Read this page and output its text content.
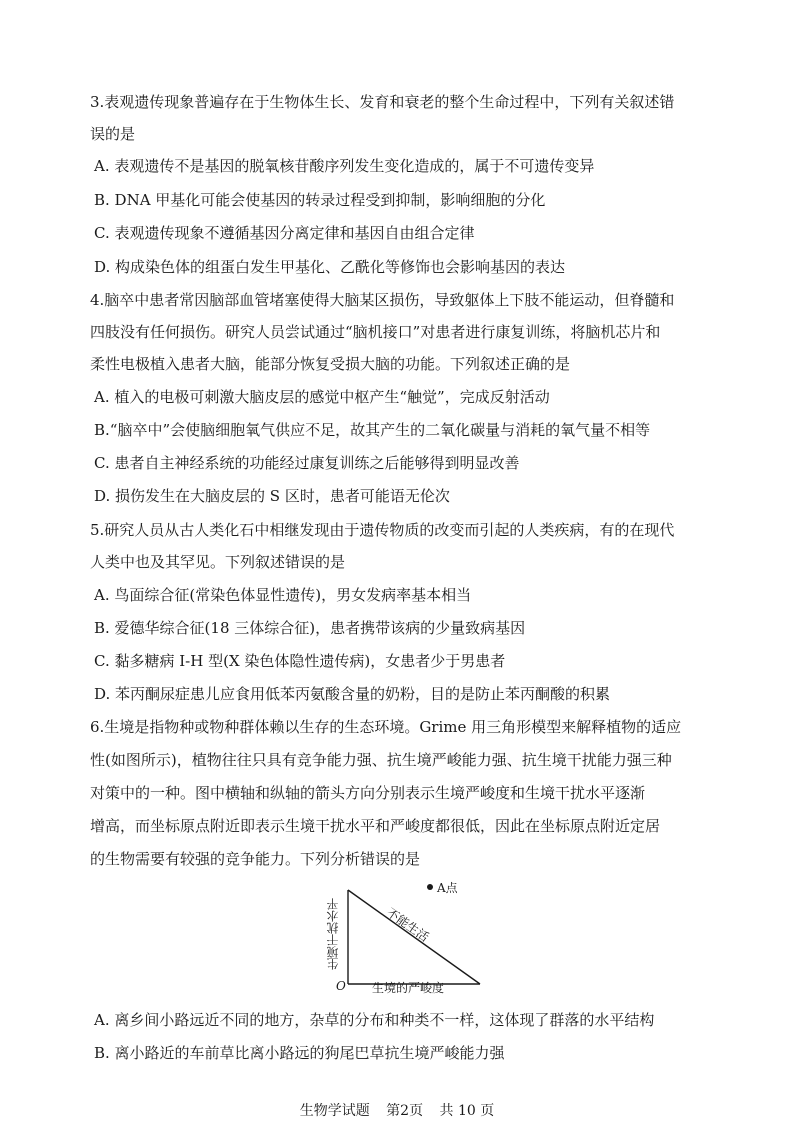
3.表观遗传现象普遍存在于生物体生长、发育和衰老的整个生命过程中，下列有关叙述错
误的是
A. 表观遗传不是基因的脱氧核苷酸序列发生变化造成的，属于不可遗传变异
B. DNA 甲基化可能会使基因的转录过程受到抑制，影响细胞的分化
C. 表观遗传现象不遵循基因分离定律和基因自由组合定律
D. 构成染色体的组蛋白发生甲基化、乙酰化等修饰也会影响基因的表达
4.脑卒中患者常因脑部血管堵塞使得大脑某区损伤，导致躯体上下肢不能运动，但脊髓和
四肢没有任何损伤。研究人员尝试通过“脑机接口”对患者进行康复训练，将脑机芯片和
柔性电极植入患者大脑，能部分恢复受损大脑的功能。下列叙述正确的是
A. 植入的电极可刺激大脑皮层的感觉中枢产生“触觉”，完成反射活动
B.“脑卒中”会使脑细胞氧气供应不足，故其产生的二氧化碳量与消耗的氧气量不相等
C. 患者自主神经系统的功能经过康复训练之后能够得到明显改善
D. 损伤发生在大脑皮层的 S 区时，患者可能语无伦次
5.研究人员从古人类化石中相继发现由于遗传物质的改变而引起的人类疾病，有的在现代
人类中也及其罕见。下列叙述错误的是
A. 鸟面综合征(常染色体显性遗传)，男女发病率基本相当
B. 爱德华综合征(18 三体综合征)，患者携带该病的少量致病基因
C. 黏多糖病 I-H 型(X 染色体隐性遗传病)，女患者少于男患者
D. 苯丙酮尿症患儿应食用低苯丙氨酸含量的奶粉，目的是防止苯丙酮酸的积累
6.生境是指物种或物种群体赖以生存的生态环境。Grime 用三角形模型来解释植物的适应
性(如图所示)，植物往往只具有竞争能力强、抗生境严峻能力强、抗生境干扰能力强三种
对策中的一种。图中横轴和纵轴的箭头方向分别表示生境严峻度和生境干扰水平逐渐
增高，而坐标原点附近即表示生境干扰水平和严峻度都很低，因此在坐标原点附近定居
的生物需要有较强的竞争能力。下列分析错误的是
A点
生境干扰水平
生境的严峻度
O
不能生活
A. 离乡间小路远近不同的地方，杂草的分布和种类不一样，这体现了群落的水平结构
B. 离小路近的车前草比离小路远的狗尾巴草抗生境严峻能力强
生物学试题 第2页 共 10 页
